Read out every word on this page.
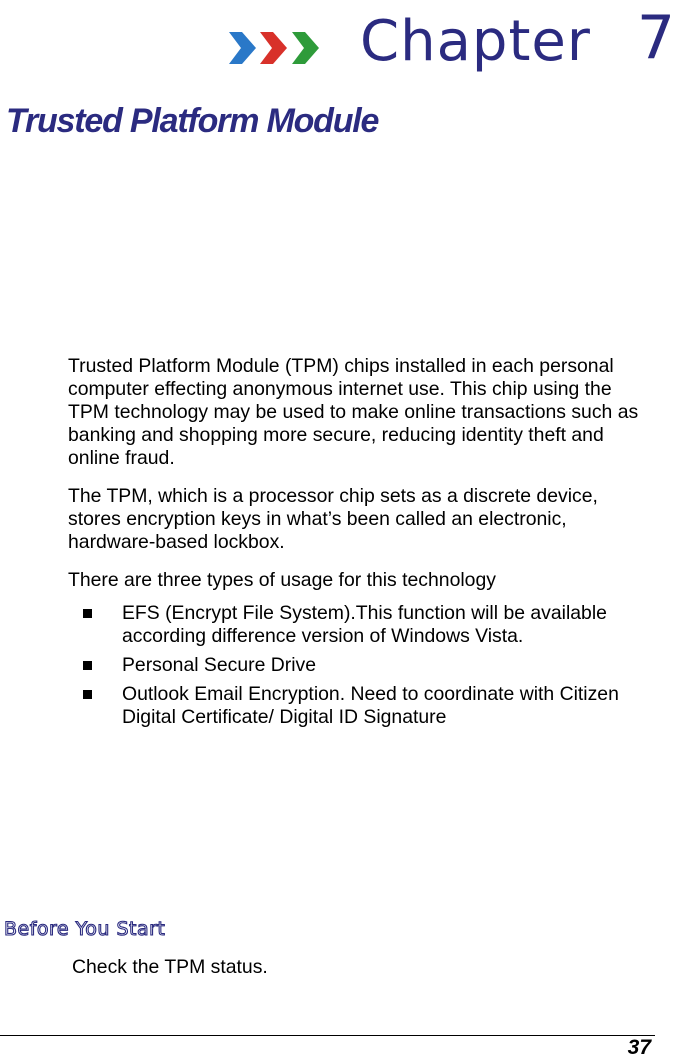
Chapter 7
Trusted Platform Module

Trusted Platform Module (TPM) chips installed in each personal computer effecting anonymous internet use. This chip using the TPM technology may be used to make online transactions such as banking and shopping more secure, reducing identity theft and online fraud.

The TPM, which is a processor chip sets as a discrete device, stores encryption keys in what’s been called an electronic, hardware-based lockbox.

There are three types of usage for this technology

EFS (Encrypt File System).This function will be available according difference version of Windows Vista.
Personal Secure Drive
Outlook Email Encryption. Need to coordinate with Citizen Digital Certificate/ Digital ID Signature
Before You Start

Check the TPM status.

37
